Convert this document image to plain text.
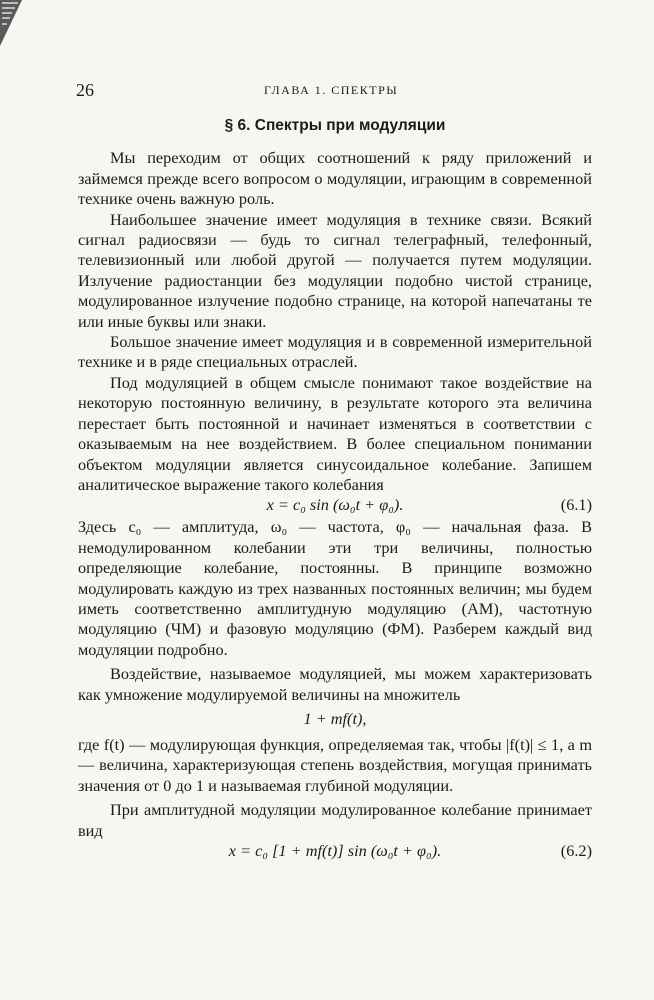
26	ГЛАВА 1. СПЕКТРЫ
§ 6. Спектры при модуляции

Мы переходим от общих соотношений к ряду приложений и займемся прежде всего вопросом о модуляции, играющим в современной технике очень важную роль.

Наибольшее значение имеет модуляция в технике связи. Всякий сигнал радиосвязи — будь то сигнал телеграфный, телефонный, телевизионный или любой другой — получается путем модуляции. Излучение радиостанции без модуляции подобно чистой странице, модулированное излучение подобно странице, на которой напечатаны те или иные буквы или знаки.

Большое значение имеет модуляция и в современной измерительной технике и в ряде специальных отраслей.

Под модуляцией в общем смысле понимают такое воздействие на некоторую постоянную величину, в результате которого эта величина перестает быть постоянной и начинает изменяться в соответствии с оказываемым на нее воздействием. В более специальном понимании объектом модуляции является синусоидальное колебание. Запишем аналитическое выражение такого колебания

x = c₀ sin (ω₀t + φ₀).	(6.1)

Здесь c₀ — амплитуда, ω₀ — частота, φ₀ — начальная фаза. В немодулированном колебании эти три величины, полностью определяющие колебание, постоянны. В принципе возможно модулировать каждую из трех названных постоянных величин; мы будем иметь соответственно амплитудную модуляцию (АМ), частотную модуляцию (ЧМ) и фазовую модуляцию (ФМ). Разберем каждый вид модуляции подробно.

Воздействие, называемое модуляцией, мы можем характеризовать как умножение модулируемой величины на множитель

1 + mf(t),

где f(t) — модулирующая функция, определяемая так, чтобы |f(t)| ≤ 1, а m — величина, характеризующая степень воздействия, могущая принимать значения от 0 до 1 и называемая глубиной модуляции.

При амплитудной модуляции модулированное колебание принимает вид

x = c₀ [1 + mf(t)] sin (ω₀t + φ₀).	(6.2)
